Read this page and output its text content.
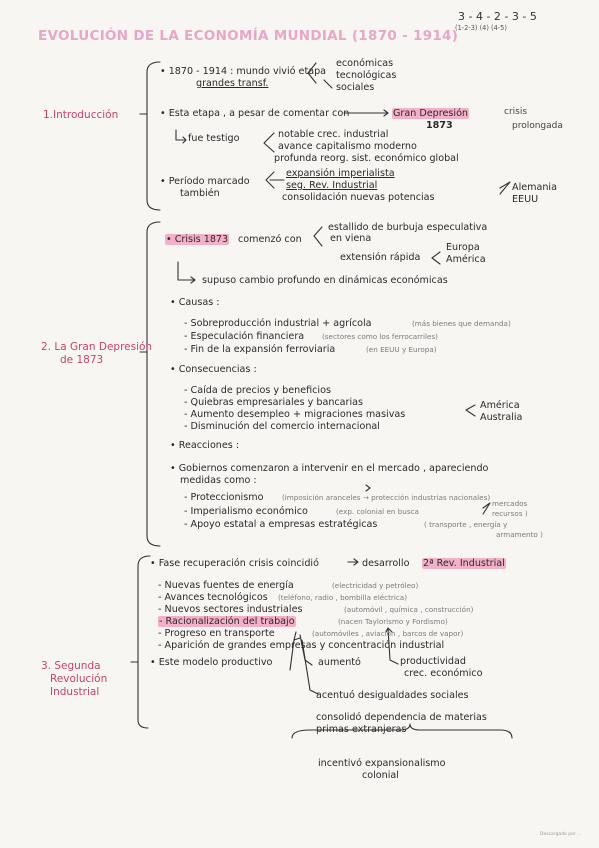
EVOLUCIÓN DE LA ECONOMÍA MUNDIAL (1870 - 1914)
3 - 4 - 2 - 3 - 5
(1-2-3) (4) (4-5)
1.Introducción
2. La Gran Depresión
de 1873
3. Segunda
Revolución
Industrial
• 1870 - 1914 : mundo vivió etapa
grandes transf.
económicas
tecnológicas
sociales
• Esta etapa , a pesar de comentar con	Gran Depresión
1873
crisis
prolongada
fue testigo	notable crec. industrial
avance capitalismo moderno
profunda reorg. sist. económico global
• Período marcado
también
expansión imperialista
seg. Rev. Industrial
consolidación nuevas potencias
Alemania
EEUU
• Crisis 1873 comenzó con
estallido de burbuja especulativa
en viena
extensión rápida
Europa
América
supuso cambio profundo en dinámicas económicas
• Causas :
- Sobreproducción industrial + agrícola	(más bienes que demanda)
- Especulación financiera (sectores como los ferrocarriles)
- Fin de la expansión ferroviaria	(en EEUU y Europa)
• Consecuencias :
- Caída de precios y beneficios
- Quiebras empresariales y bancarias
- Aumento desempleo + migraciones masivas
América
Australia
- Disminución del comercio internacional
• Reacciones :
• Gobiernos comenzaron a intervenir en el mercado , apareciendo
medidas como :
- Proteccionismo	(imposición aranceles → protección industrias nacionales)
- Imperialismo económico	(exp. colonial en busca
mercados
recursos )
- Apoyo estatal a empresas estratégicas	( transporte , energía y
armamento )
• Fase recuperación crisis coincidió	desarrollo 2ª Rev. Industrial
- Nuevas fuentes de energía	(electricidad y petróleo)
- Avances tecnológicos (teléfono, radio , bombilla eléctrica)
- Nuevos sectores industriales	(automóvil , química , construcción)
- Racionalización del trabajo	(nacen Taylorismo y Fordismo)
- Progreso en transporte	(automóviles , aviación , barcos de vapor)
- Aparición de grandes empresas y concentración industrial
• Este modelo productivo	aumentó	productividad
crec. económico
acentuó desigualdades sociales
consolidó dependencia de materias
primas extranjeras
incentivó expansionalismo
colonial
Descargado por ...
